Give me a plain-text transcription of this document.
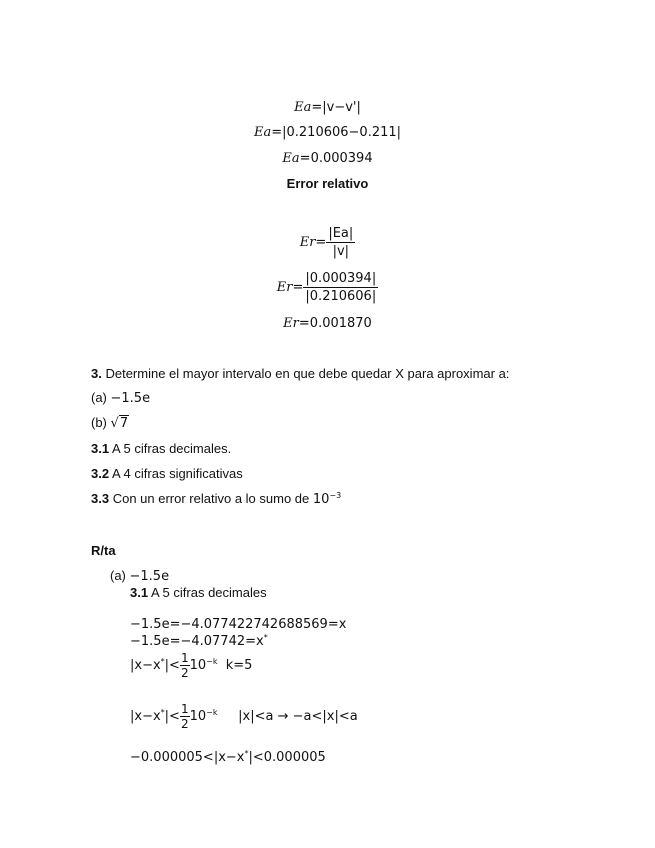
Ea=|v−v'|
Ea=|0.210606−0.211|
Ea=0.000394
Error relativo
$Er= \frac{|Ea|}{|v|}$
$Er= \frac{|0.000394|}{|0.210606|}$
Er=0.001870
3. Determine el mayor intervalo en que debe quedar X para aproximar a:
(a) −1.5e
(b) √7
3.1 A 5 cifras decimales.
3.2 A 4 cifras significativas
3.3 Con un error relativo a lo sumo de $10^{-3}$
R/ta
(a) −1.5e
3.1 A 5 cifras decimales
−1.5e=−4.077422742688569=x
−1.5e=−4.07742=x*
$|x-x^*|< \frac{1}{2} 10^{-k}$ k=5
$|x-x^*|< \frac{1}{2} 10^{-k}$ |x|<a → −a<|x|<a
−0.000005<|x−x*|<0.000005
